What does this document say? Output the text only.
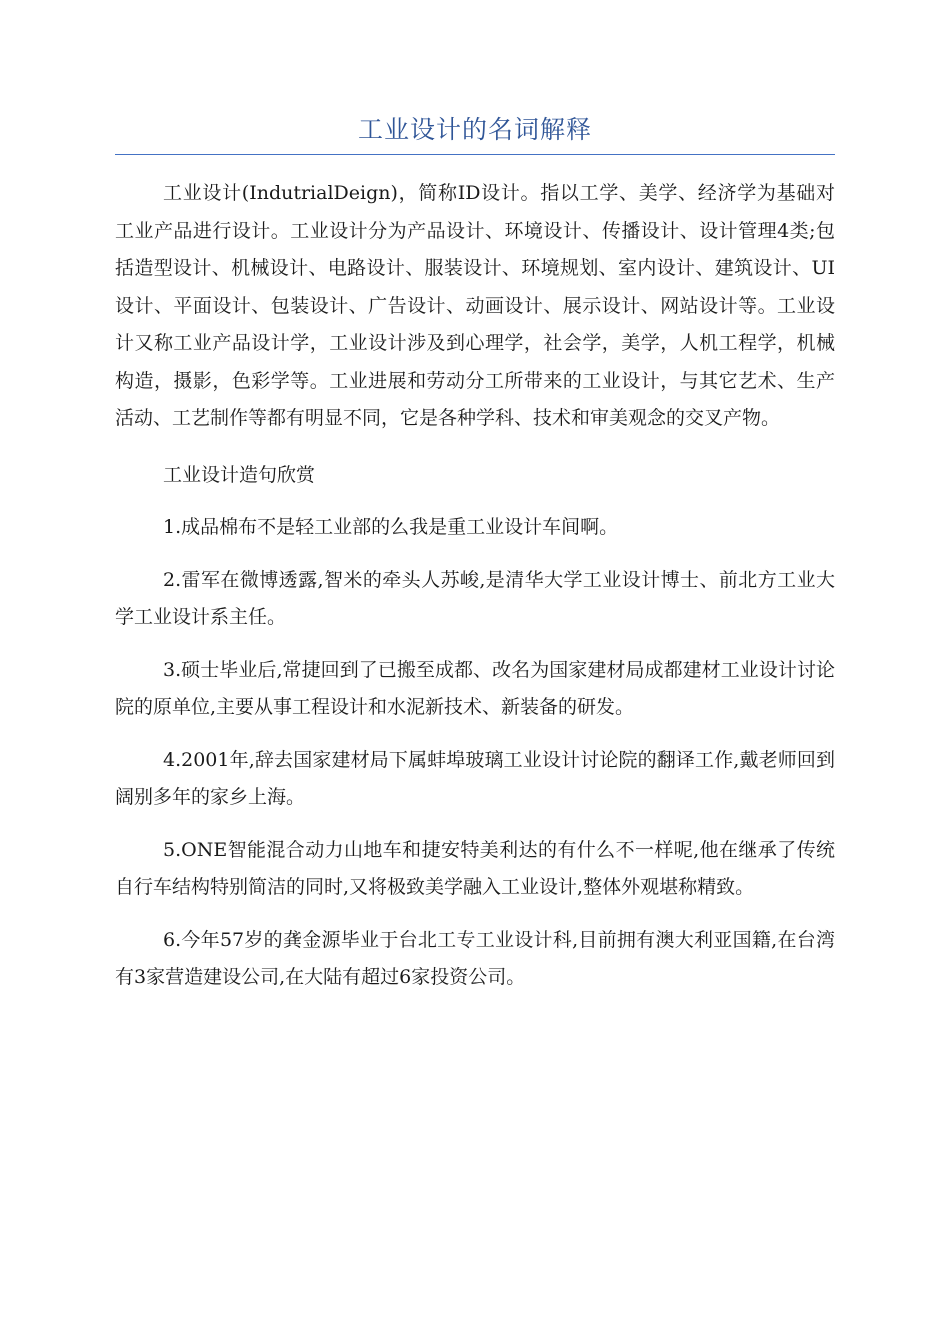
工业设计的名词解释

工业设计(IndutrialDeign)，简称ID设计。指以工学、美学、经济学为基础对工业产品进行设计。工业设计分为产品设计、环境设计、传播设计、设计管理4类;包括造型设计、机械设计、电路设计、服装设计、环境规划、室内设计、建筑设计、UI设计、平面设计、包装设计、广告设计、动画设计、展示设计、网站设计等。工业设计又称工业产品设计学，工业设计涉及到心理学，社会学，美学，人机工程学，机械构造，摄影，色彩学等。工业进展和劳动分工所带来的工业设计，与其它艺术、生产活动、工艺制作等都有明显不同，它是各种学科、技术和审美观念的交叉产物。

工业设计造句欣赏

1.成品棉布不是轻工业部的么我是重工业设计车间啊。

2.雷军在微博透露,智米的牵头人苏峻,是清华大学工业设计博士、前北方工业大学工业设计系主任。

3.硕士毕业后,常捷回到了已搬至成都、改名为国家建材局成都建材工业设计讨论院的原单位,主要从事工程设计和水泥新技术、新装备的研发。

4.2001年,辞去国家建材局下属蚌埠玻璃工业设计讨论院的翻译工作,戴老师回到阔别多年的家乡上海。

5.ONE智能混合动力山地车和捷安特美利达的有什么不一样呢,他在继承了传统自行车结构特别简洁的同时,又将极致美学融入工业设计,整体外观堪称精致。

6.今年57岁的龚金源毕业于台北工专工业设计科,目前拥有澳大利亚国籍,在台湾有3家营造建设公司,在大陆有超过6家投资公司。
